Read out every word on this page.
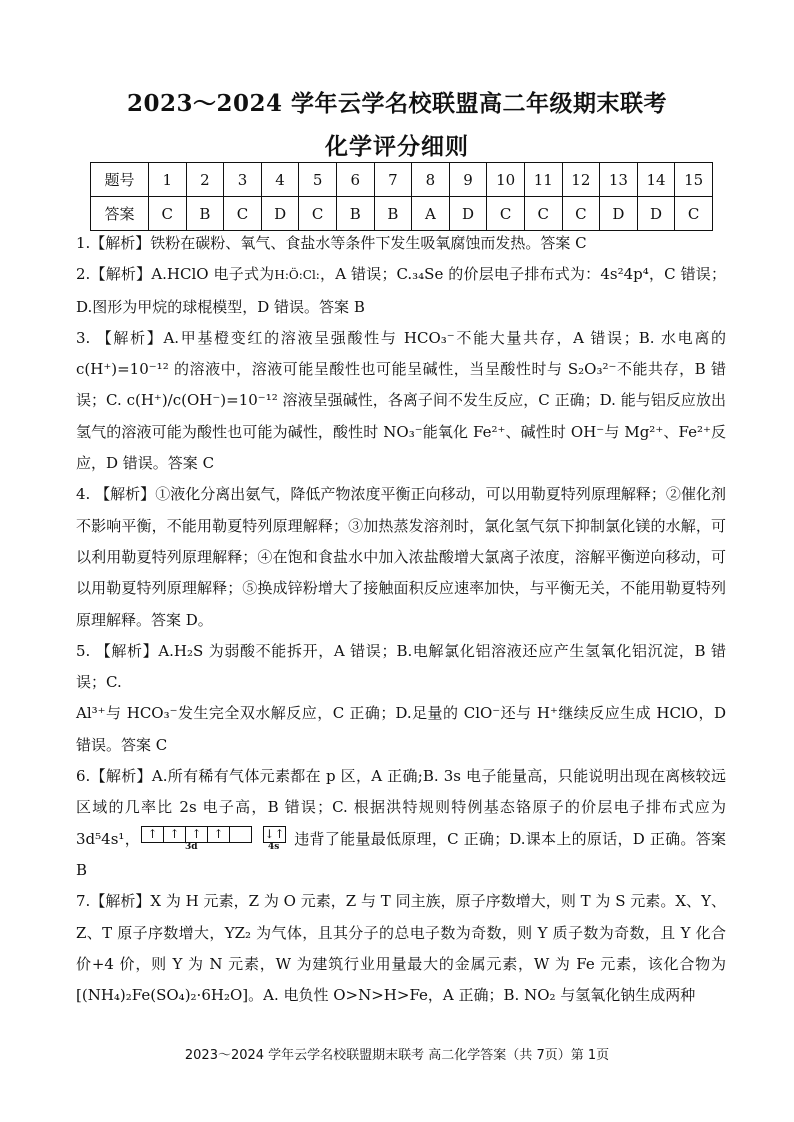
2023～2024 学年云学名校联盟高二年级期末联考
化学评分细则
题号	1	2	3	4	5	6	7	8	9	10	11	12	13	14	15
答案	C	B	C	D	C	B	B	A	D	C	C	C	D	D	C

1.【解析】铁粉在碳粉、氧气、食盐水等条件下发生吸氧腐蚀而发热。答案 C

2.【解析】A.HClO 电子式为H:Ö:Cl:，A 错误；C.₃₄Se 的价层电子排布式为：4s²4p⁴，C 错误；D.图形为甲烷的球棍模型，D 错误。答案 B

3. 【解析】A.甲基橙变红的溶液呈强酸性与 HCO₃⁻不能大量共存，A 错误；B. 水电离的 c(H⁺)=10⁻¹² 的溶液中，溶液可能呈酸性也可能呈碱性，当呈酸性时与 S₂O₃²⁻不能共存，B 错误；C. c(H⁺)/c(OH⁻)=10⁻¹² 溶液呈强碱性，各离子间不发生反应，C 正确；D. 能与铝反应放出氢气的溶液可能为酸性也可能为碱性，酸性时 NO₃⁻能氧化 Fe²⁺、碱性时 OH⁻与 Mg²⁺、Fe²⁺反应，D 错误。答案 C

4. 【解析】①液化分离出氨气，降低产物浓度平衡正向移动，可以用勒夏特列原理解释；②催化剂不影响平衡，不能用勒夏特列原理解释；③加热蒸发溶剂时，氯化氢气氛下抑制氯化镁的水解，可以利用勒夏特列原理解释；④在饱和食盐水中加入浓盐酸增大氯离子浓度，溶解平衡逆向移动，可以用勒夏特列原理解释；⑤换成锌粉增大了接触面积反应速率加快，与平衡无关，不能用勒夏特列原理解释。答案 D。

5. 【解析】A.H₂S 为弱酸不能拆开，A 错误；B.电解氯化铝溶液还应产生氢氧化铝沉淀，B 错误；C.

Al³⁺与 HCO₃⁻发生完全双水解反应，C 正确；D.足量的 ClO⁻还与 H⁺继续反应生成 HClO，D 错误。答案 C

6.【解析】A.所有稀有气体元素都在 p 区，A 正确;B. 3s 电子能量高，只能说明出现在离核较远区域的几率比 2s 电子高，B 错误；C. 根据洪特规则特例基态铬原子的价层电子排布式应为 3d⁵4s¹， ↑ ↑ ↑ ↑	↓↑
3d	4s 违背了能量最低原理，C 正确；D.课本上的原话，D 正确。答案 B

7.【解析】X 为 H 元素，Z 为 O 元素，Z 与 T 同主族，原子序数增大，则 T 为 S 元素。X、Y、Z、T 原子序数增大，YZ₂ 为气体，且其分子的总电子数为奇数，则 Y 质子数为奇数，且 Y 化合价+4 价，则 Y 为 N 元素，W 为建筑行业用量最大的金属元素，W 为 Fe 元素，该化合物为[(NH₄)₂Fe(SO₄)₂·6H₂O]。A. 电负性 O>N>H>Fe，A 正确；B. NO₂ 与氢氧化钠生成两种

2023～2024 学年云学名校联盟期末联考 高二化学答案（共 7页）第 1页
